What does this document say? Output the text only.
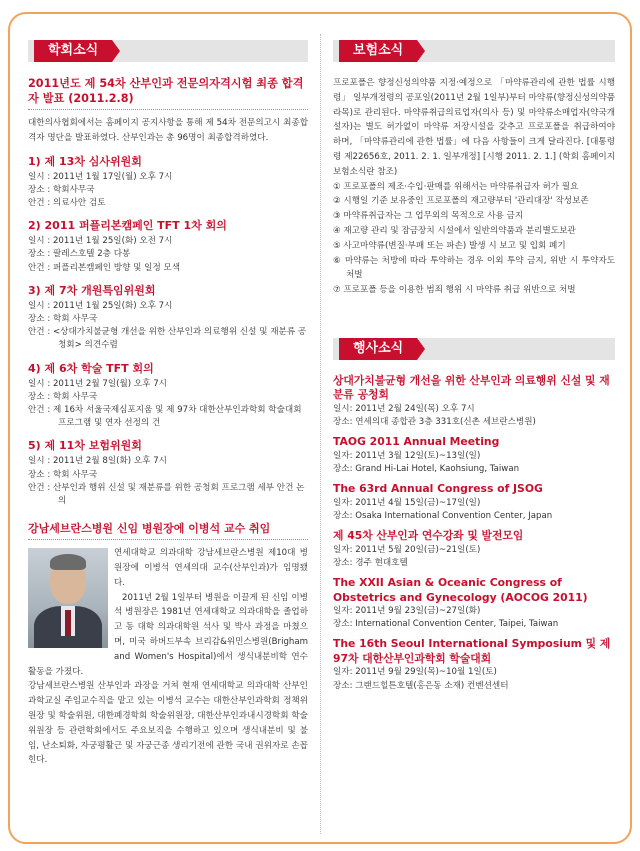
학회소식
2011년도 제 54차 산부인과 전문의자격시험 최종 합격자 발표 (2011.2.8)
대한의사협회에서는 홈페이지 공지사항을 통해 제 54차 전문의고시 최종합격자 명단을 발표하였다. 산부인과는 총 96명이 최종합격하였다.
1) 제 13차 심사위원회
일시 : 2011년 1월 17일(월) 오후 7시
장소 : 학회사무국
안건 : 의료사안 검토
2) 2011 퍼플리본캠페인 TFT 1차 회의
일시 : 2011년 1월 25일(화) 오전 7시
장소 : 팔레스호텔 2층 다봉
안건 : 퍼플리본캠페인 방향 및 일정 모색
3) 제 7차 개원특임위원회
일시 : 2011년 1월 25일(화) 오후 7시
장소 : 학회 사무국
안건 : <상대가치불균형 개선을 위한 산부인과 의료행위 신설 및 재분류 공청회> 의견수렴
4) 제 6차 학술 TFT 회의
일시 : 2011년 2월 7일(월) 오후 7시
장소 : 학회 사무국
안건 : 제 16차 서울국제심포지움 및 제 97차 대한산부인과학회 학술대회 프로그램 및 연자 선정의 건
5) 제 11차 보험위원회
일시 : 2011년 2월 8일(화) 오후 7시
장소 : 학회 사무국
안건 : 산부인과 행위 신설 및 재분류를 위한 공청회 프로그램 세부 안건 논의
강남세브란스병원 신임 병원장에 이병석 교수 취임

연세대학교 의과대학 강남세브란스병원 제10대 병원장에 이병석 연세의대 교수(산부인과)가 임명됐다.

2011년 2월 1일부터 병원을 이끌게 된 신임 이병석 병원장은 1981년 연세대학교 의과대학을 졸업하고 동 대학 의과대학원 석사 및 박사 과정을 마쳤으며, 미국 하버드부속 브리감&위민스병원(Brigham and Women's Hospital)에서 생식내분비학 연수활동을 가졌다.

강남세브란스병원 산부인과 과장을 거쳐 현재 연세대학교 의과대학 산부인과학교실 주임교수직을 맡고 있는 이병석 교수는 대한산부인과학회 정책위원장 및 학술위원, 대한폐경학회 학술위원장, 대한산부인과내시경학회 학술위원장 등 관련학회에서도 주요보직을 수행하고 있으며 생식내분비 및 불임, 난소퇴화, 자궁평활근 및 자궁근종 생리기전에 관한 국내 권위자로 손꼽힌다.

보험소식
프로포폴은 향정신성의약품 지정·예정으로 「마약류관리에 관한 법률 시행령」 일부개정령의 공포일(2011년 2월 1일부)부터 마약류(향정신성의약품 라목)로 관리된다. 마약류취급의료업자(의사 등) 및 마약류소매업자(약국개설자)는 별도 허가없이 마약류 저장시설을 갖추고 프로포폴을 취급하여야 하며, 「마약류관리에 관한 법률」에 다음 사항들이 크게 달라진다. [대통령령 제22656호, 2011. 2. 1. 일부개정] [시행 2011. 2. 1.] (학회 홈페이지 보험소식란 참조)
① 프로포폴의 제조·수입·판매를 위해서는 마약류취급자 허가 필요
② 시행일 기준 보유중인 프로포폴의 재고량부터 '관리대장' 작성보존
③ 마약류취급자는 그 업무외의 목적으로 사용 금지
④ 재고량 관리 및 잠금장치 시설에서 일반의약품과 분리별도보관
⑤ 사고마약류(변질·부패 또는 파손) 발생 시 보고 및 입회 폐기
⑥ 마약류는 처방에 따라 투약하는 경우 이외 투약 금지, 위반 시 투약자도 처벌
⑦ 프로포폴 등을 이용한 범죄 행위 시 마약류 취급 위반으로 처벌
행사소식
상대가치불균형 개선을 위한 산부인과 의료행위 신설 및 재분류 공청회
일시: 2011년 2월 24일(목) 오후 7시
장소: 연세의대 종합관 3층 331호(신촌 세브란스병원)
TAOG 2011 Annual Meeting
일자: 2011년 3월 12일(토)~13일(일)
장소: Grand Hi-Lai Hotel, Kaohsiung, Taiwan
The 63rd Annual Congress of JSOG
일자: 2011년 4월 15일(금)~17일(일)
장소: Osaka International Convention Center, Japan
제 45차 산부인과 연수강좌 및 발전모임
일자: 2011년 5월 20일(금)~21일(토)
장소: 경주 현대호텔
The XXII Asian & Oceanic Congress of Obstetrics and Gynecology (AOCOG 2011)
일자: 2011년 9월 23일(금)~27일(화)
장소: International Convention Center, Taipei, Taiwan
The 16th Seoul International Symposium 및 제 97차 대한산부인과학회 학술대회
일자: 2011년 9월 29일(목)~10월 1일(토)
장소: 그랜드힐튼호텔(홍은동 소재) 컨벤션센터
